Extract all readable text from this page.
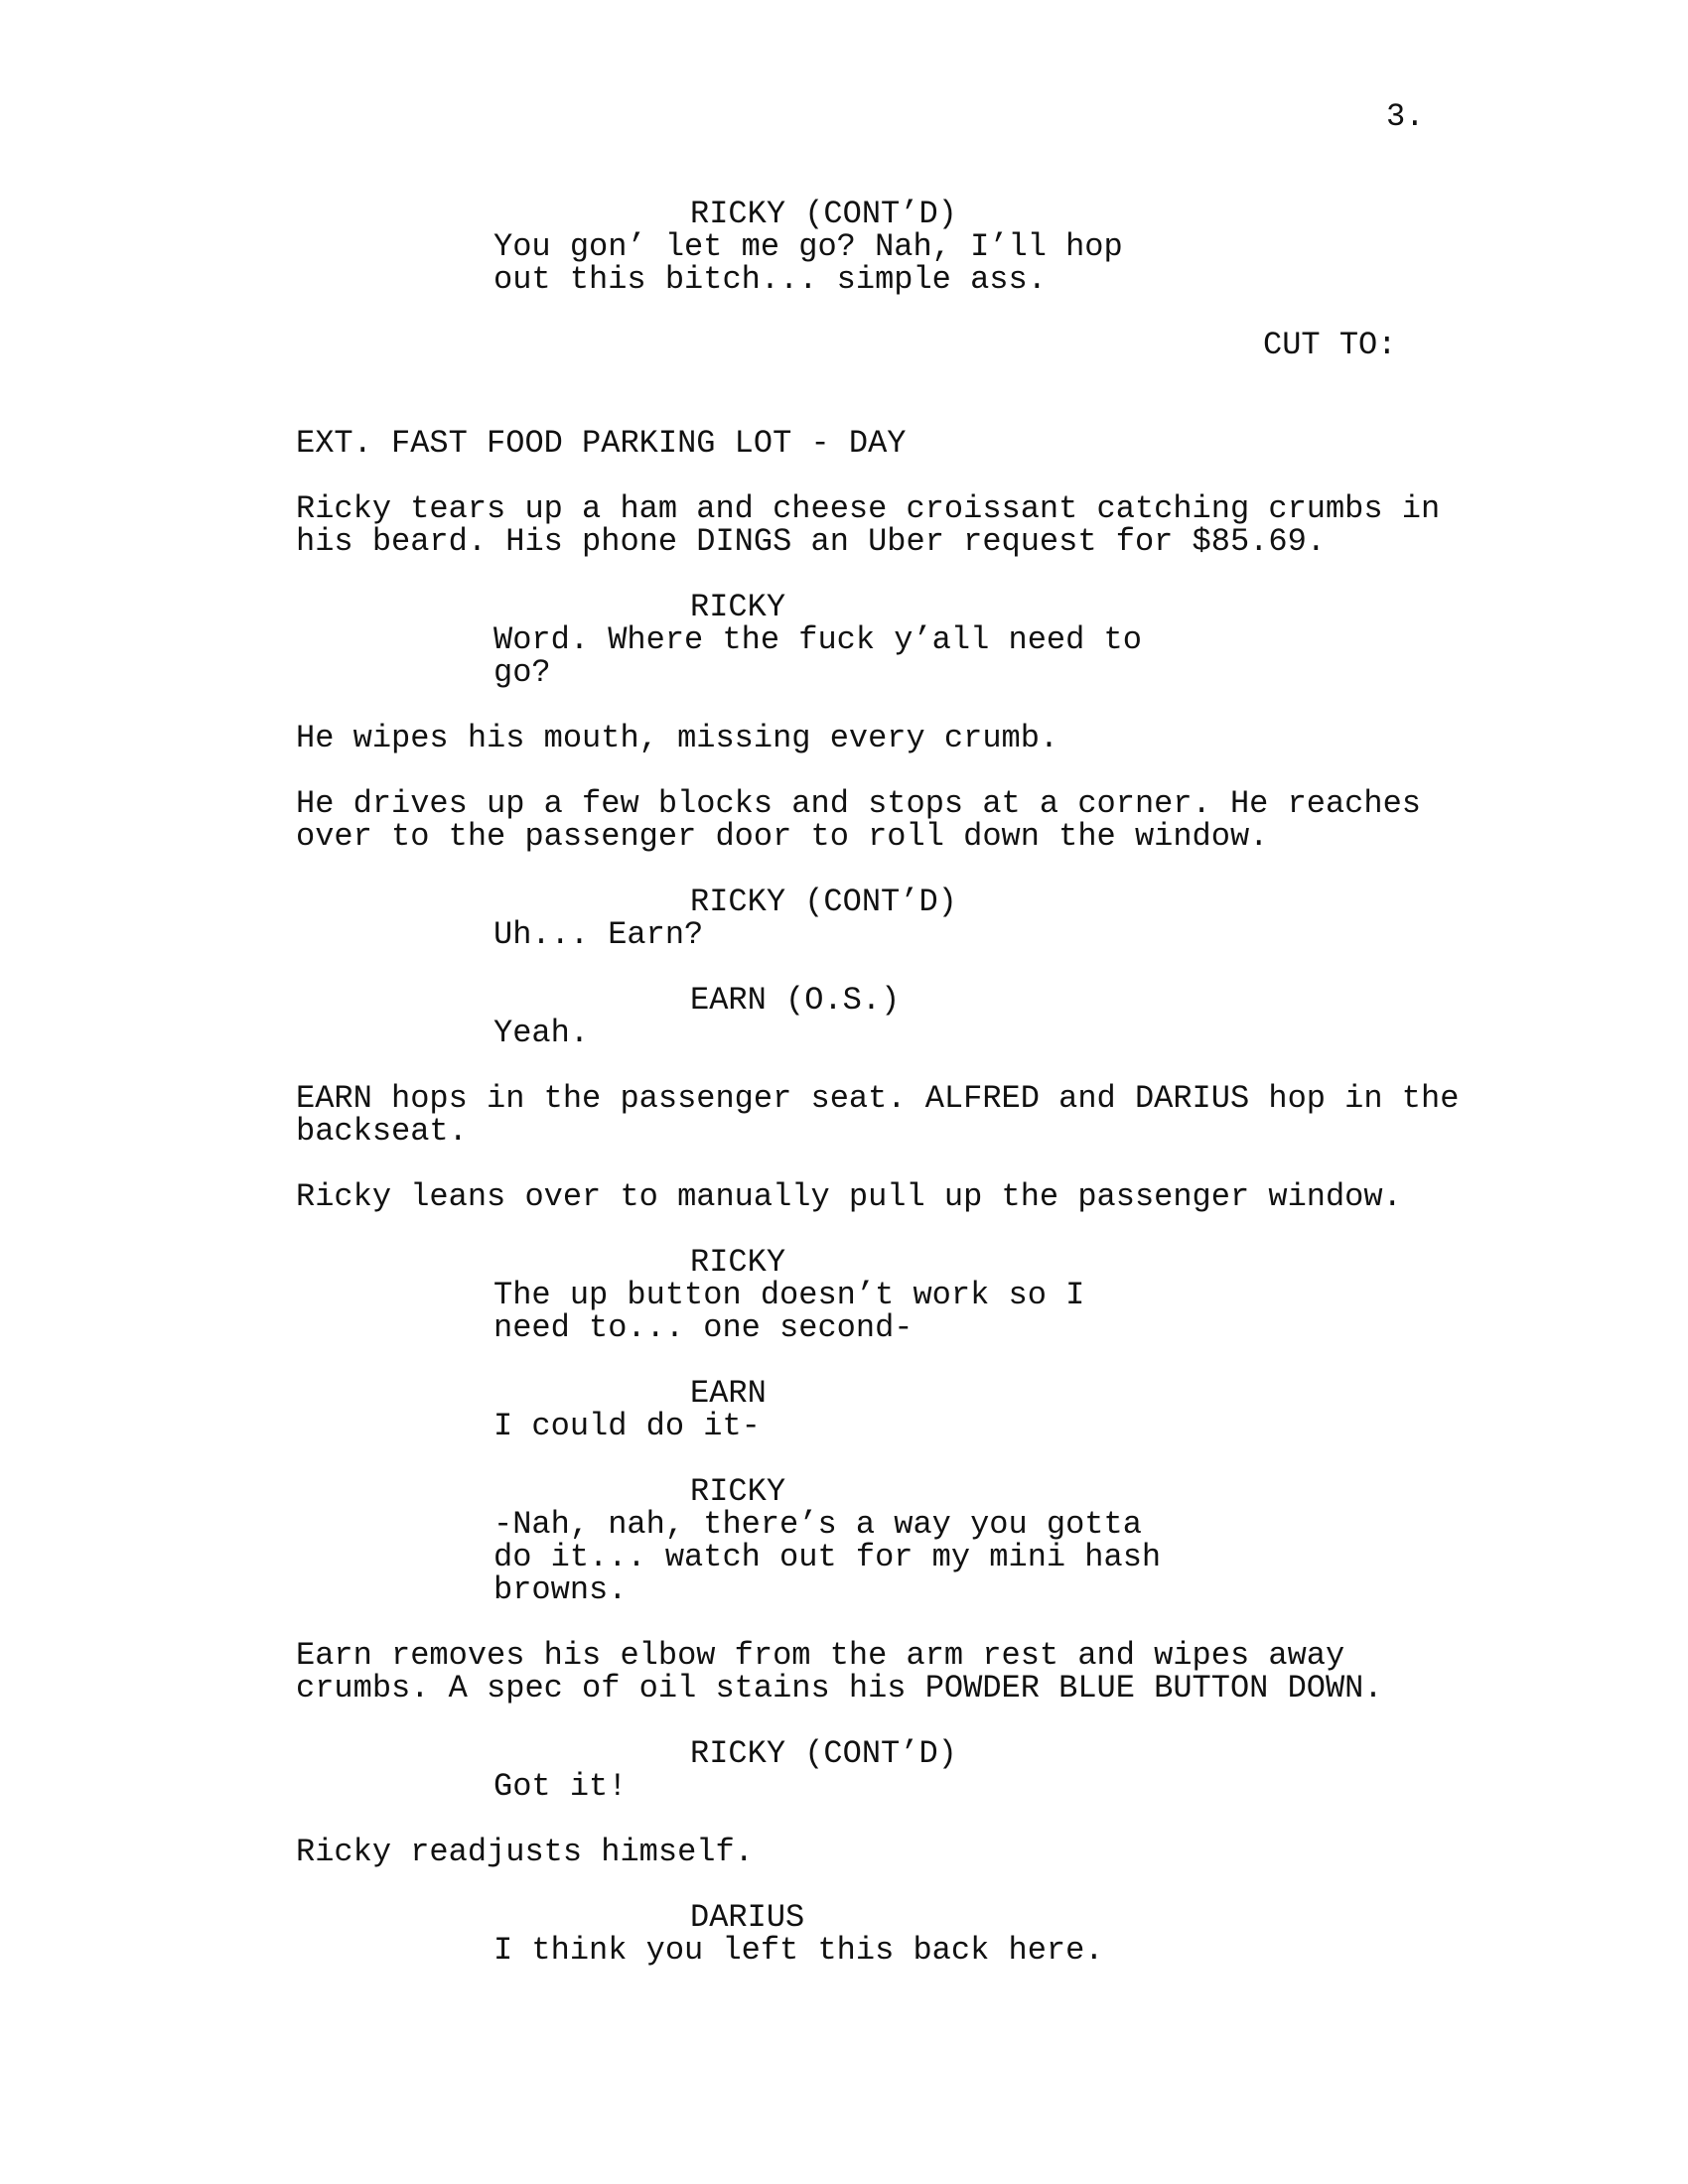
3.
RICKY (CONT’D)
You gon’ let me go? Nah, I’ll hop
out this bitch... simple ass.
CUT TO:
EXT. FAST FOOD PARKING LOT - DAY
Ricky tears up a ham and cheese croissant catching crumbs in
his beard. His phone DINGS an Uber request for $85.69.
RICKY
Word. Where the fuck y’all need to
go?
He wipes his mouth, missing every crumb.
He drives up a few blocks and stops at a corner. He reaches
over to the passenger door to roll down the window.
RICKY (CONT’D)
Uh... Earn?
EARN (O.S.)
Yeah.
EARN hops in the passenger seat. ALFRED and DARIUS hop in the
backseat.
Ricky leans over to manually pull up the passenger window.
RICKY
The up button doesn’t work so I
need to... one second-
EARN
I could do it-
RICKY
-Nah, nah, there’s a way you gotta
do it... watch out for my mini hash
browns.
Earn removes his elbow from the arm rest and wipes away
crumbs. A spec of oil stains his POWDER BLUE BUTTON DOWN.
RICKY (CONT’D)
Got it!
Ricky readjusts himself.
DARIUS
I think you left this back here.
